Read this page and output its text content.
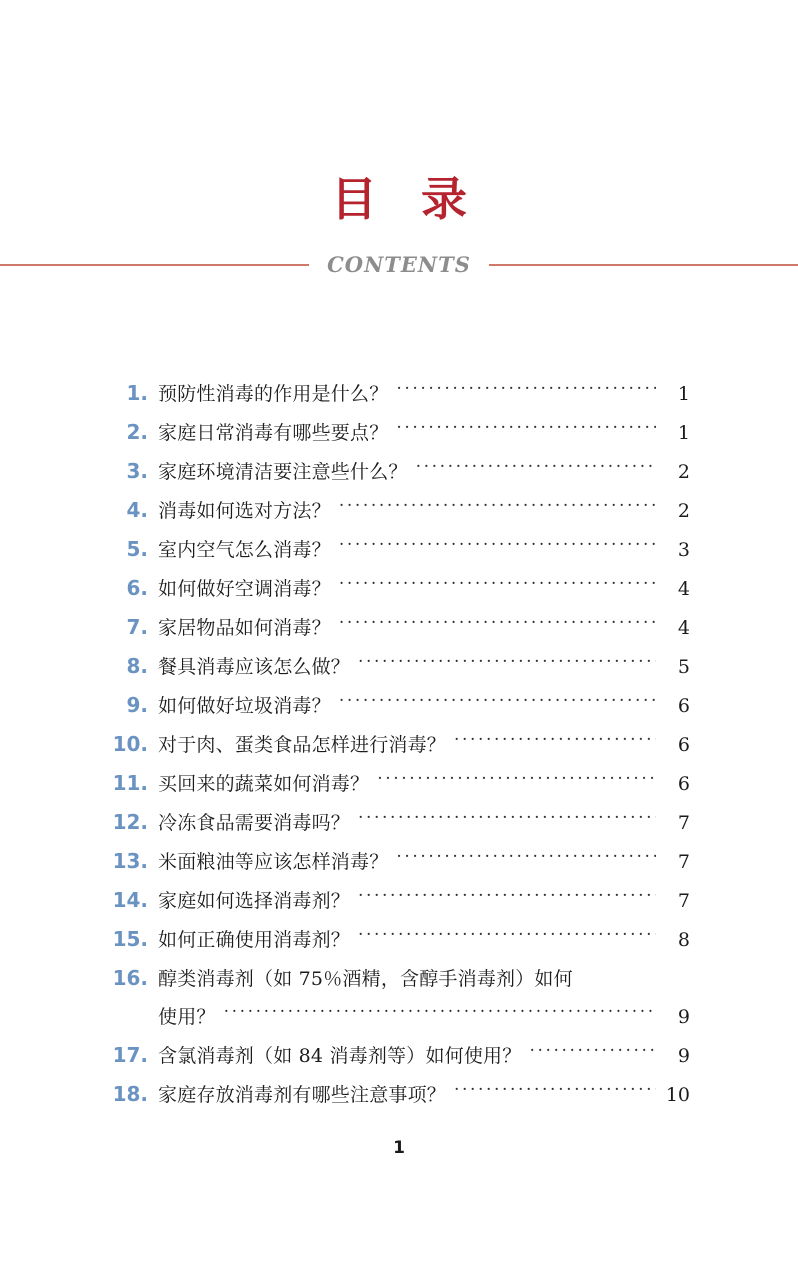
目 录
CONTENTS
1. 预防性消毒的作用是什么？ .....	1
2. 家庭日常消毒有哪些要点？ .....	1
3. 家庭环境清洁要注意些什么？ .....	2
4. 消毒如何选对方法？ .....	2
5. 室内空气怎么消毒？ .....	3
6. 如何做好空调消毒？ .....	4
7. 家居物品如何消毒？ .....	4
8. 餐具消毒应该怎么做？ .....	5
9. 如何做好垃圾消毒？ .....	6
10. 对于肉、蛋类食品怎样进行消毒？ .....	6
11. 买回来的蔬菜如何消毒？ .....	6
12. 冷冻食品需要消毒吗？ .....	7
13. 米面粮油等应该怎样消毒？ .....	7
14. 家庭如何选择消毒剂？ .....	7
15. 如何正确使用消毒剂？ .....	8
16. 醇类消毒剂（如 75％酒精，含醇手消毒剂）如何
使用？ .....	9
17. 含氯消毒剂（如 84 消毒剂等）如何使用？ .....	9
18. 家庭存放消毒剂有哪些注意事项？ .....	10
1
